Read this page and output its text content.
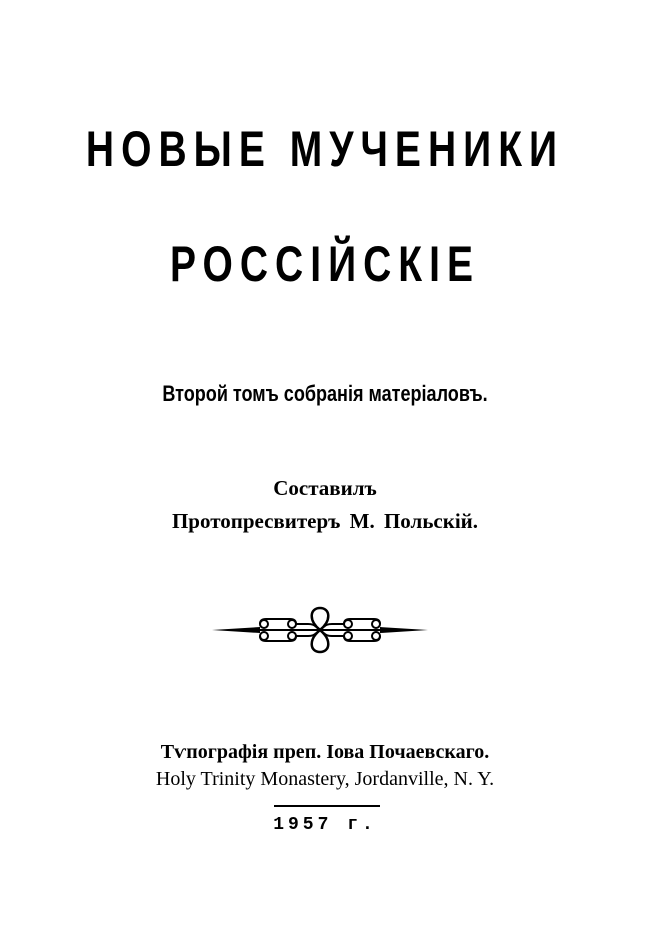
НОВЫЕ МУЧЕНИКИ
РОССІЙСКІЕ
Второй томъ собранія матеріаловъ.
Составилъ
Протопресвитеръ М. Польскій.
Тѵпографія преп. Іова Почаевскаго.
Holy Trinity Monastery, Jordanville, N. Y.
1957 г.
